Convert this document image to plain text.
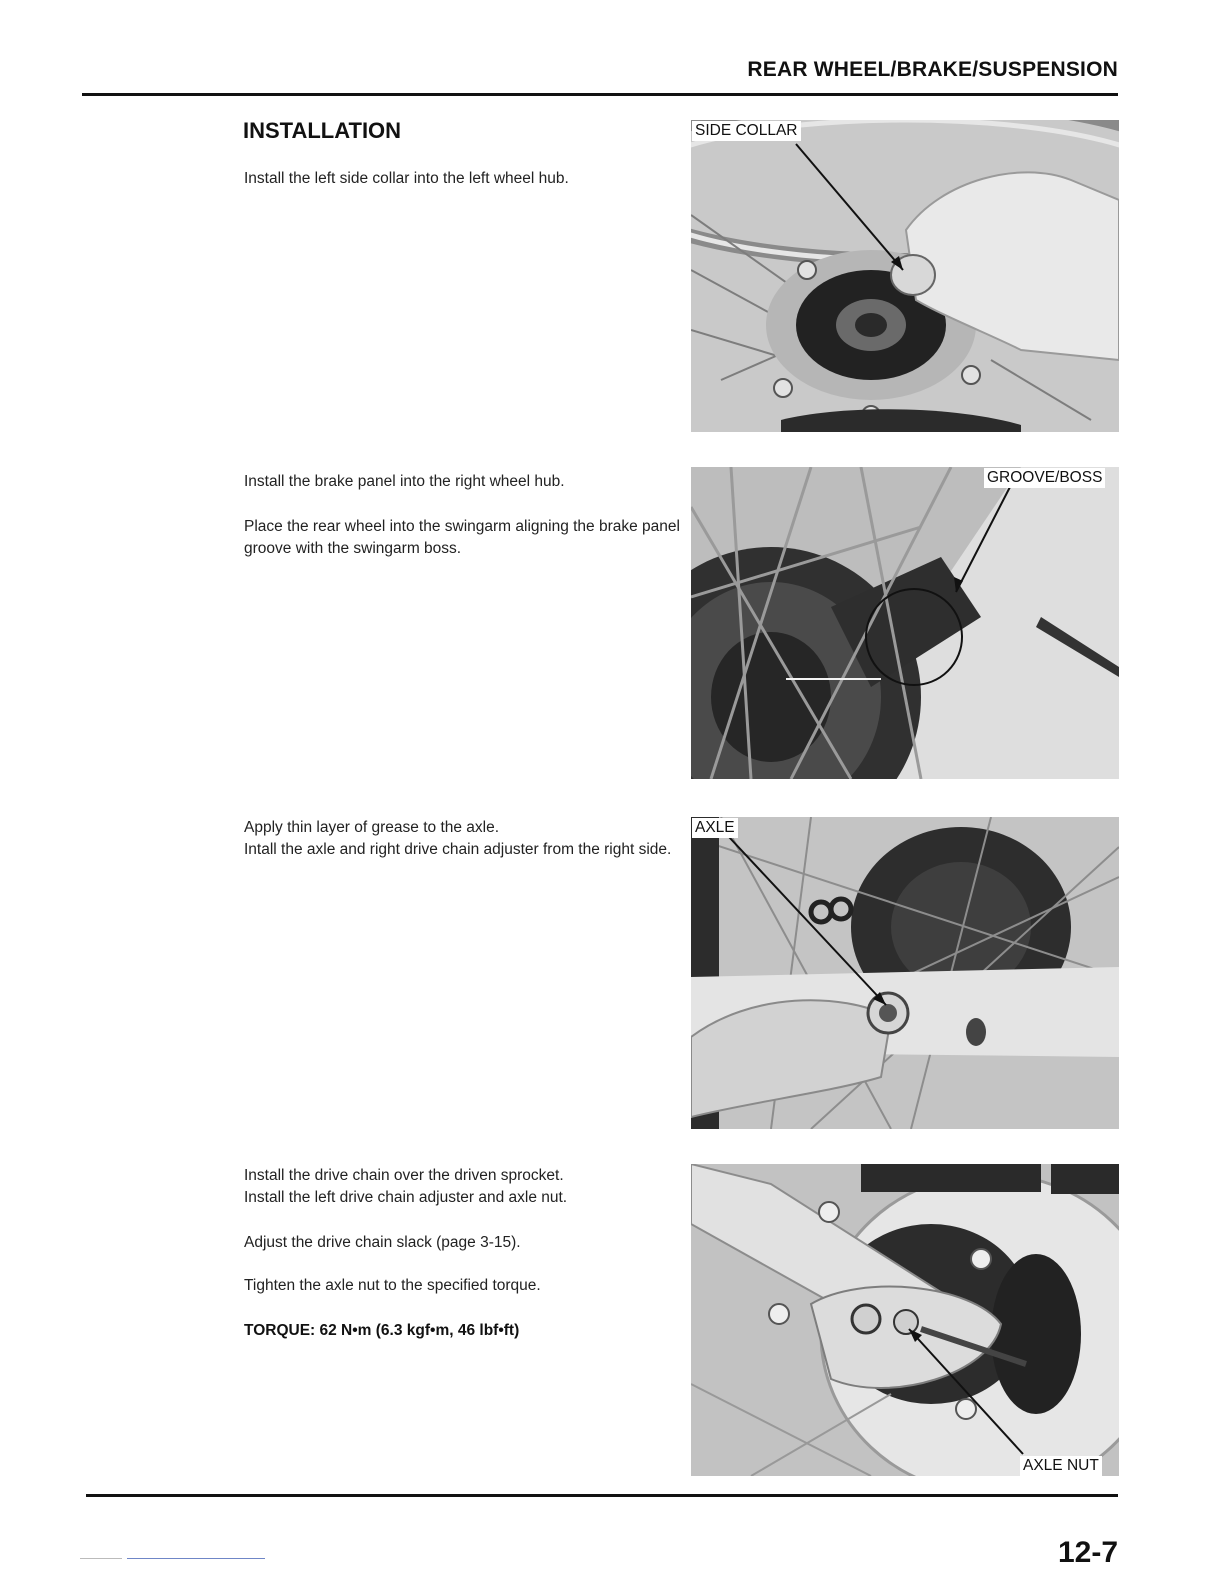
REAR WHEEL/BRAKE/SUSPENSION
INSTALLATION

Install the left side collar into the left wheel hub.

Install the brake panel into the right wheel hub.

Place the rear wheel into the swingarm aligning the brake panel groove with the swingarm boss.

Apply thin layer of grease to the axle.

Intall the axle and right drive chain adjuster from the right side.

Install the drive chain over the driven sprocket.

Install the left drive chain adjuster and axle nut.

Adjust the drive chain slack (page 3-15).

Tighten the axle nut to the specified torque.

TORQUE: 62 N•m (6.3 kgf•m, 46 lbf•ft)

SIDE COLLAR
GROOVE/BOSS
AXLE
AXLE NUT
12-7
